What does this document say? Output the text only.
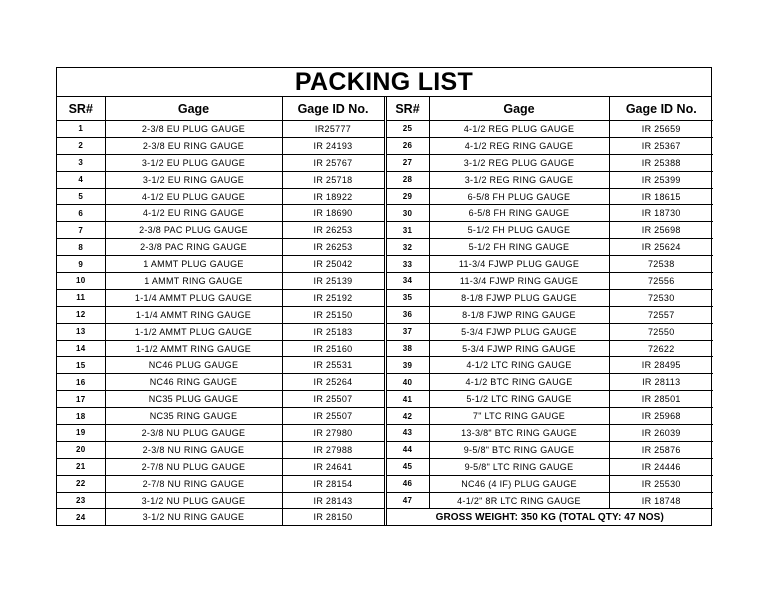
PACKING LIST
SR#	Gage	Gage ID No.	SR#	Gage	Gage ID No.
1	2-3/8 EU PLUG GAUGE	IR25777	25	4-1/2 REG PLUG GAUGE	IR 25659
2	2-3/8 EU RING GAUGE	IR 24193	26	4-1/2 REG RING GAUGE	IR 25367
3	3-1/2 EU PLUG GAUGE	IR 25767	27	3-1/2 REG PLUG GAUGE	IR 25388
4	3-1/2 EU RING GAUGE	IR 25718	28	3-1/2 REG RING GAUGE	IR 25399
5	4-1/2 EU PLUG GAUGE	IR 18922	29	6-5/8 FH PLUG GAUGE	IR 18615
6	4-1/2 EU RING GAUGE	IR 18690	30	6-5/8 FH RING GAUGE	IR 18730
7	2-3/8 PAC PLUG GAUGE	IR 26253	31	5-1/2 FH PLUG GAUGE	IR 25698
8	2-3/8 PAC RING GAUGE	IR 26253	32	5-1/2 FH RING GAUGE	IR 25624
9	1 AMMT PLUG GAUGE	IR 25042	33	11-3/4 FJWP PLUG GAUGE	72538
10	1 AMMT RING GAUGE	IR 25139	34	11-3/4 FJWP RING GAUGE	72556
11	1-1/4 AMMT PLUG GAUGE	IR 25192	35	8-1/8 FJWP PLUG GAUGE	72530
12	1-1/4 AMMT RING GAUGE	IR 25150	36	8-1/8 FJWP RING GAUGE	72557
13	1-1/2 AMMT PLUG GAUGE	IR 25183	37	5-3/4 FJWP PLUG GAUGE	72550
14	1-1/2 AMMT RING GAUGE	IR 25160	38	5-3/4 FJWP RING GAUGE	72622
15	NC46 PLUG GAUGE	IR 25531	39	4-1/2 LTC RING GAUGE	IR 28495
16	NC46 RING GAUGE	IR 25264	40	4-1/2 BTC RING GAUGE	IR 28113
17	NC35 PLUG GAUGE	IR 25507	41	5-1/2 LTC RING GAUGE	IR 28501
18	NC35 RING GAUGE	IR 25507	42	7" LTC RING GAUGE	IR 25968
19	2-3/8 NU PLUG GAUGE	IR 27980	43	13-3/8" BTC RING GAUGE	IR 26039
20	2-3/8 NU RING GAUGE	IR 27988	44	9-5/8" BTC RING GAUGE	IR 25876
21	2-7/8 NU PLUG GAUGE	IR 24641	45	9-5/8" LTC RING GAUGE	IR 24446
22	2-7/8 NU RING GAUGE	IR 28154	46	NC46 (4 IF) PLUG GAUGE	IR 25530
23	3-1/2 NU PLUG GAUGE	IR 28143	47	4-1/2" 8R LTC RING GAUGE	IR 18748
24	3-1/2 NU RING GAUGE	IR 28150	GROSS WEIGHT: 350 KG (TOTAL QTY: 47 NOS)		
